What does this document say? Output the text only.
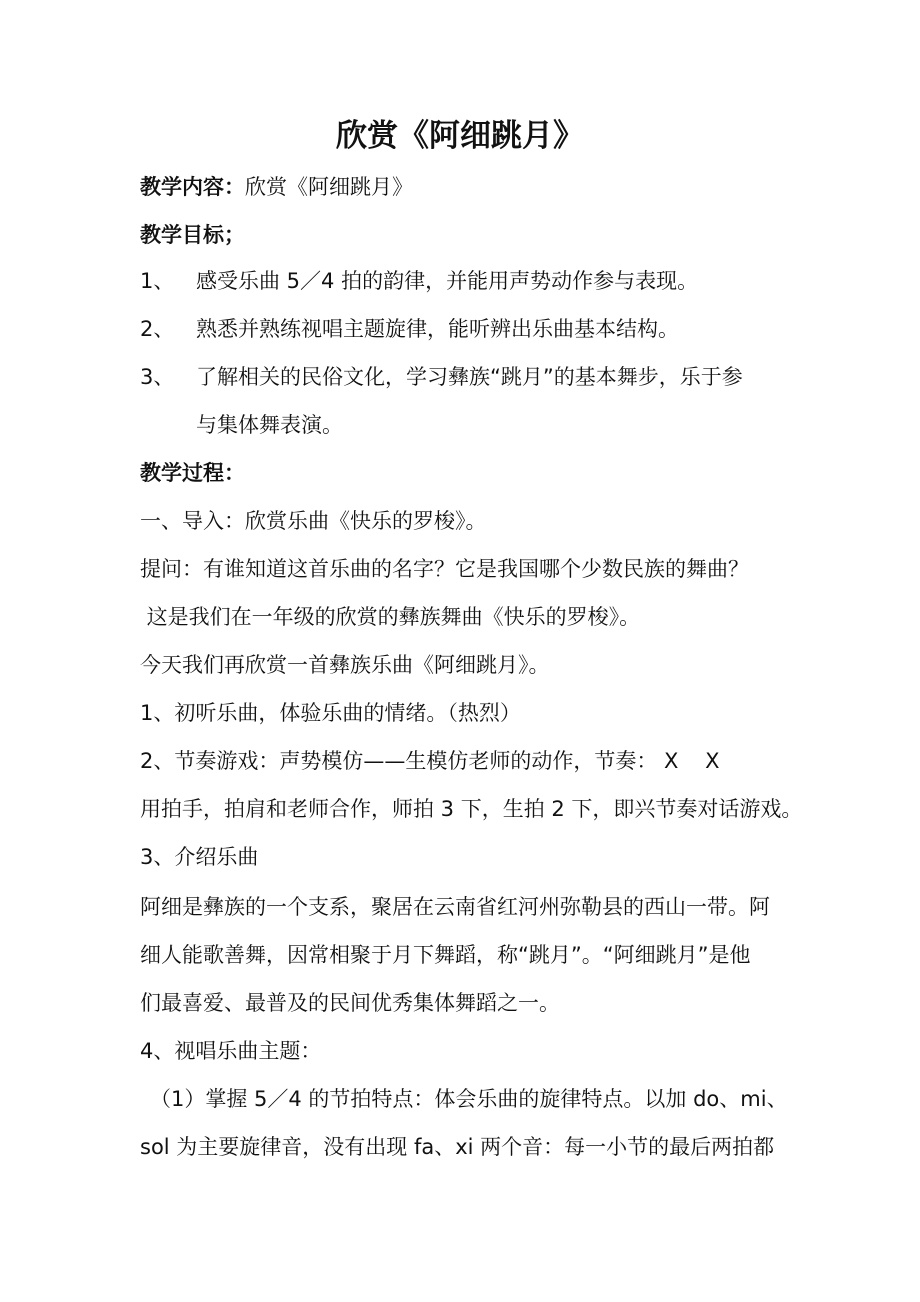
欣赏《阿细跳月》
教学内容：欣赏《阿细跳月》
教学目标；
1、 感受乐曲 5／4 拍的韵律，并能用声势动作参与表现。
2、 熟悉并熟练视唱主题旋律，能听辨出乐曲基本结构。
3、 了解相关的民俗文化，学习彝族“跳月”的基本舞步，乐于参
与集体舞表演。
教学过程：
一、导入：欣赏乐曲《快乐的罗梭》。
提问：有谁知道这首乐曲的名字？它是我国哪个少数民族的舞曲？
这是我们在一年级的欣赏的彝族舞曲《快乐的罗梭》。
今天我们再欣赏一首彝族乐曲《阿细跳月》。
1、初听乐曲，体验乐曲的情绪。（热烈）
2、节奏游戏：声势模仿——生模仿老师的动作，节奏： X    X
用拍手，拍肩和老师合作，师拍 3 下，生拍 2 下，即兴节奏对话游戏。
3、介绍乐曲
阿细是彝族的一个支系，聚居在云南省红河州弥勒县的西山一带。阿
细人能歌善舞，因常相聚于月下舞蹈，称“跳月”。“阿细跳月”是他
们最喜爱、最普及的民间优秀集体舞蹈之一。
4、视唱乐曲主题：
（1）掌握 5／4 的节拍特点：体会乐曲的旋律特点。以加 do、mi、
sol 为主要旋律音，没有出现 fa、xi 两个音：每一小节的最后两拍都
